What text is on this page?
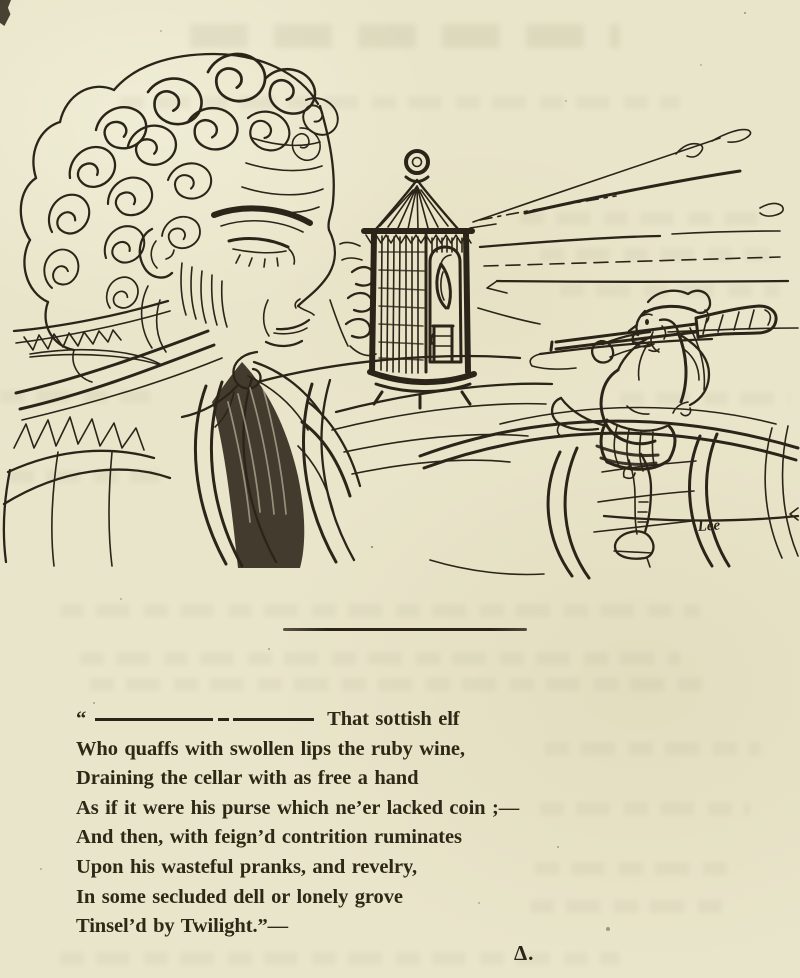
Lee
“	That sottish elf
Who quaffs with swollen lips the ruby wine,
Draining the cellar with as free a hand
As if it were his purse which ne’er lacked coin ;—
And then, with feign’d contrition ruminates
Upon his wasteful pranks, and revelry,
In some secluded dell or lonely grove
Tinsel’d by Twilight.”—
Δ.
